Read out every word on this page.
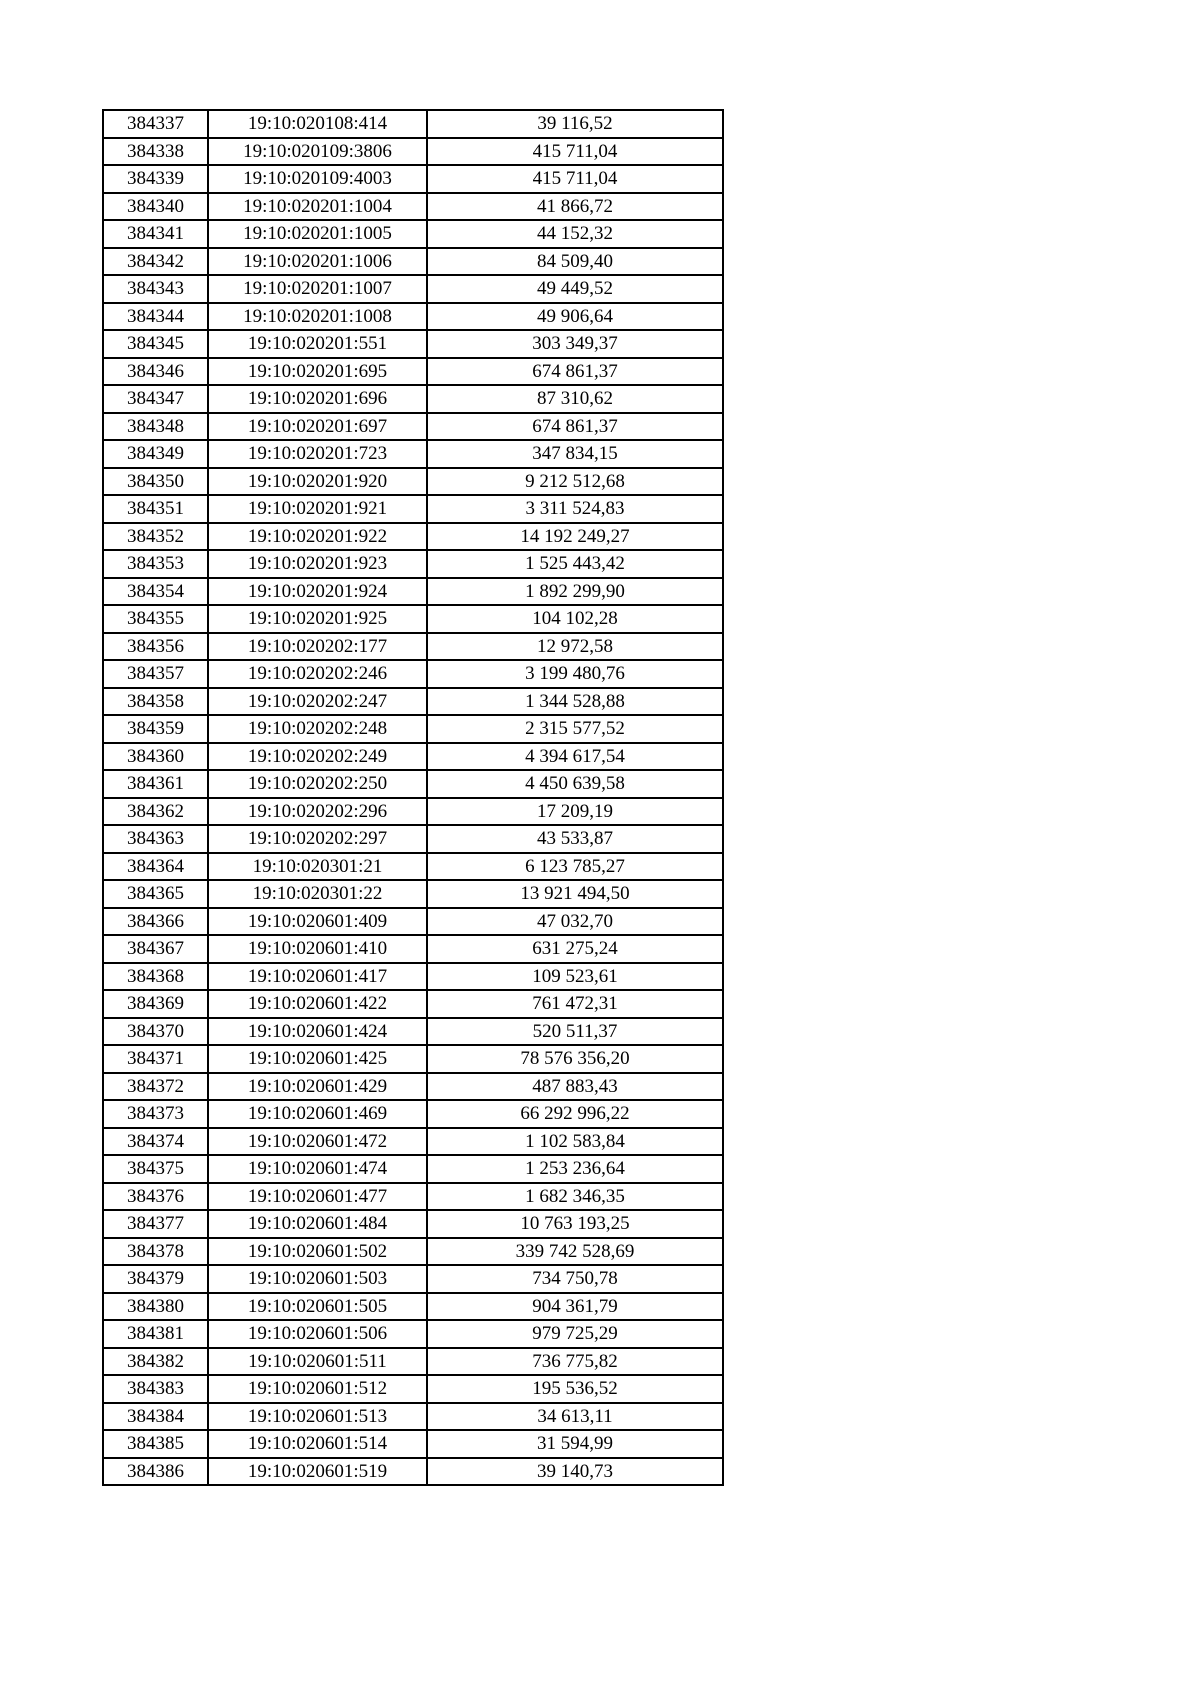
384337	19:10:020108:414	39 116,52
384338	19:10:020109:3806	415 711,04
384339	19:10:020109:4003	415 711,04
384340	19:10:020201:1004	41 866,72
384341	19:10:020201:1005	44 152,32
384342	19:10:020201:1006	84 509,40
384343	19:10:020201:1007	49 449,52
384344	19:10:020201:1008	49 906,64
384345	19:10:020201:551	303 349,37
384346	19:10:020201:695	674 861,37
384347	19:10:020201:696	87 310,62
384348	19:10:020201:697	674 861,37
384349	19:10:020201:723	347 834,15
384350	19:10:020201:920	9 212 512,68
384351	19:10:020201:921	3 311 524,83
384352	19:10:020201:922	14 192 249,27
384353	19:10:020201:923	1 525 443,42
384354	19:10:020201:924	1 892 299,90
384355	19:10:020201:925	104 102,28
384356	19:10:020202:177	12 972,58
384357	19:10:020202:246	3 199 480,76
384358	19:10:020202:247	1 344 528,88
384359	19:10:020202:248	2 315 577,52
384360	19:10:020202:249	4 394 617,54
384361	19:10:020202:250	4 450 639,58
384362	19:10:020202:296	17 209,19
384363	19:10:020202:297	43 533,87
384364	19:10:020301:21	6 123 785,27
384365	19:10:020301:22	13 921 494,50
384366	19:10:020601:409	47 032,70
384367	19:10:020601:410	631 275,24
384368	19:10:020601:417	109 523,61
384369	19:10:020601:422	761 472,31
384370	19:10:020601:424	520 511,37
384371	19:10:020601:425	78 576 356,20
384372	19:10:020601:429	487 883,43
384373	19:10:020601:469	66 292 996,22
384374	19:10:020601:472	1 102 583,84
384375	19:10:020601:474	1 253 236,64
384376	19:10:020601:477	1 682 346,35
384377	19:10:020601:484	10 763 193,25
384378	19:10:020601:502	339 742 528,69
384379	19:10:020601:503	734 750,78
384380	19:10:020601:505	904 361,79
384381	19:10:020601:506	979 725,29
384382	19:10:020601:511	736 775,82
384383	19:10:020601:512	195 536,52
384384	19:10:020601:513	34 613,11
384385	19:10:020601:514	31 594,99
384386	19:10:020601:519	39 140,73
